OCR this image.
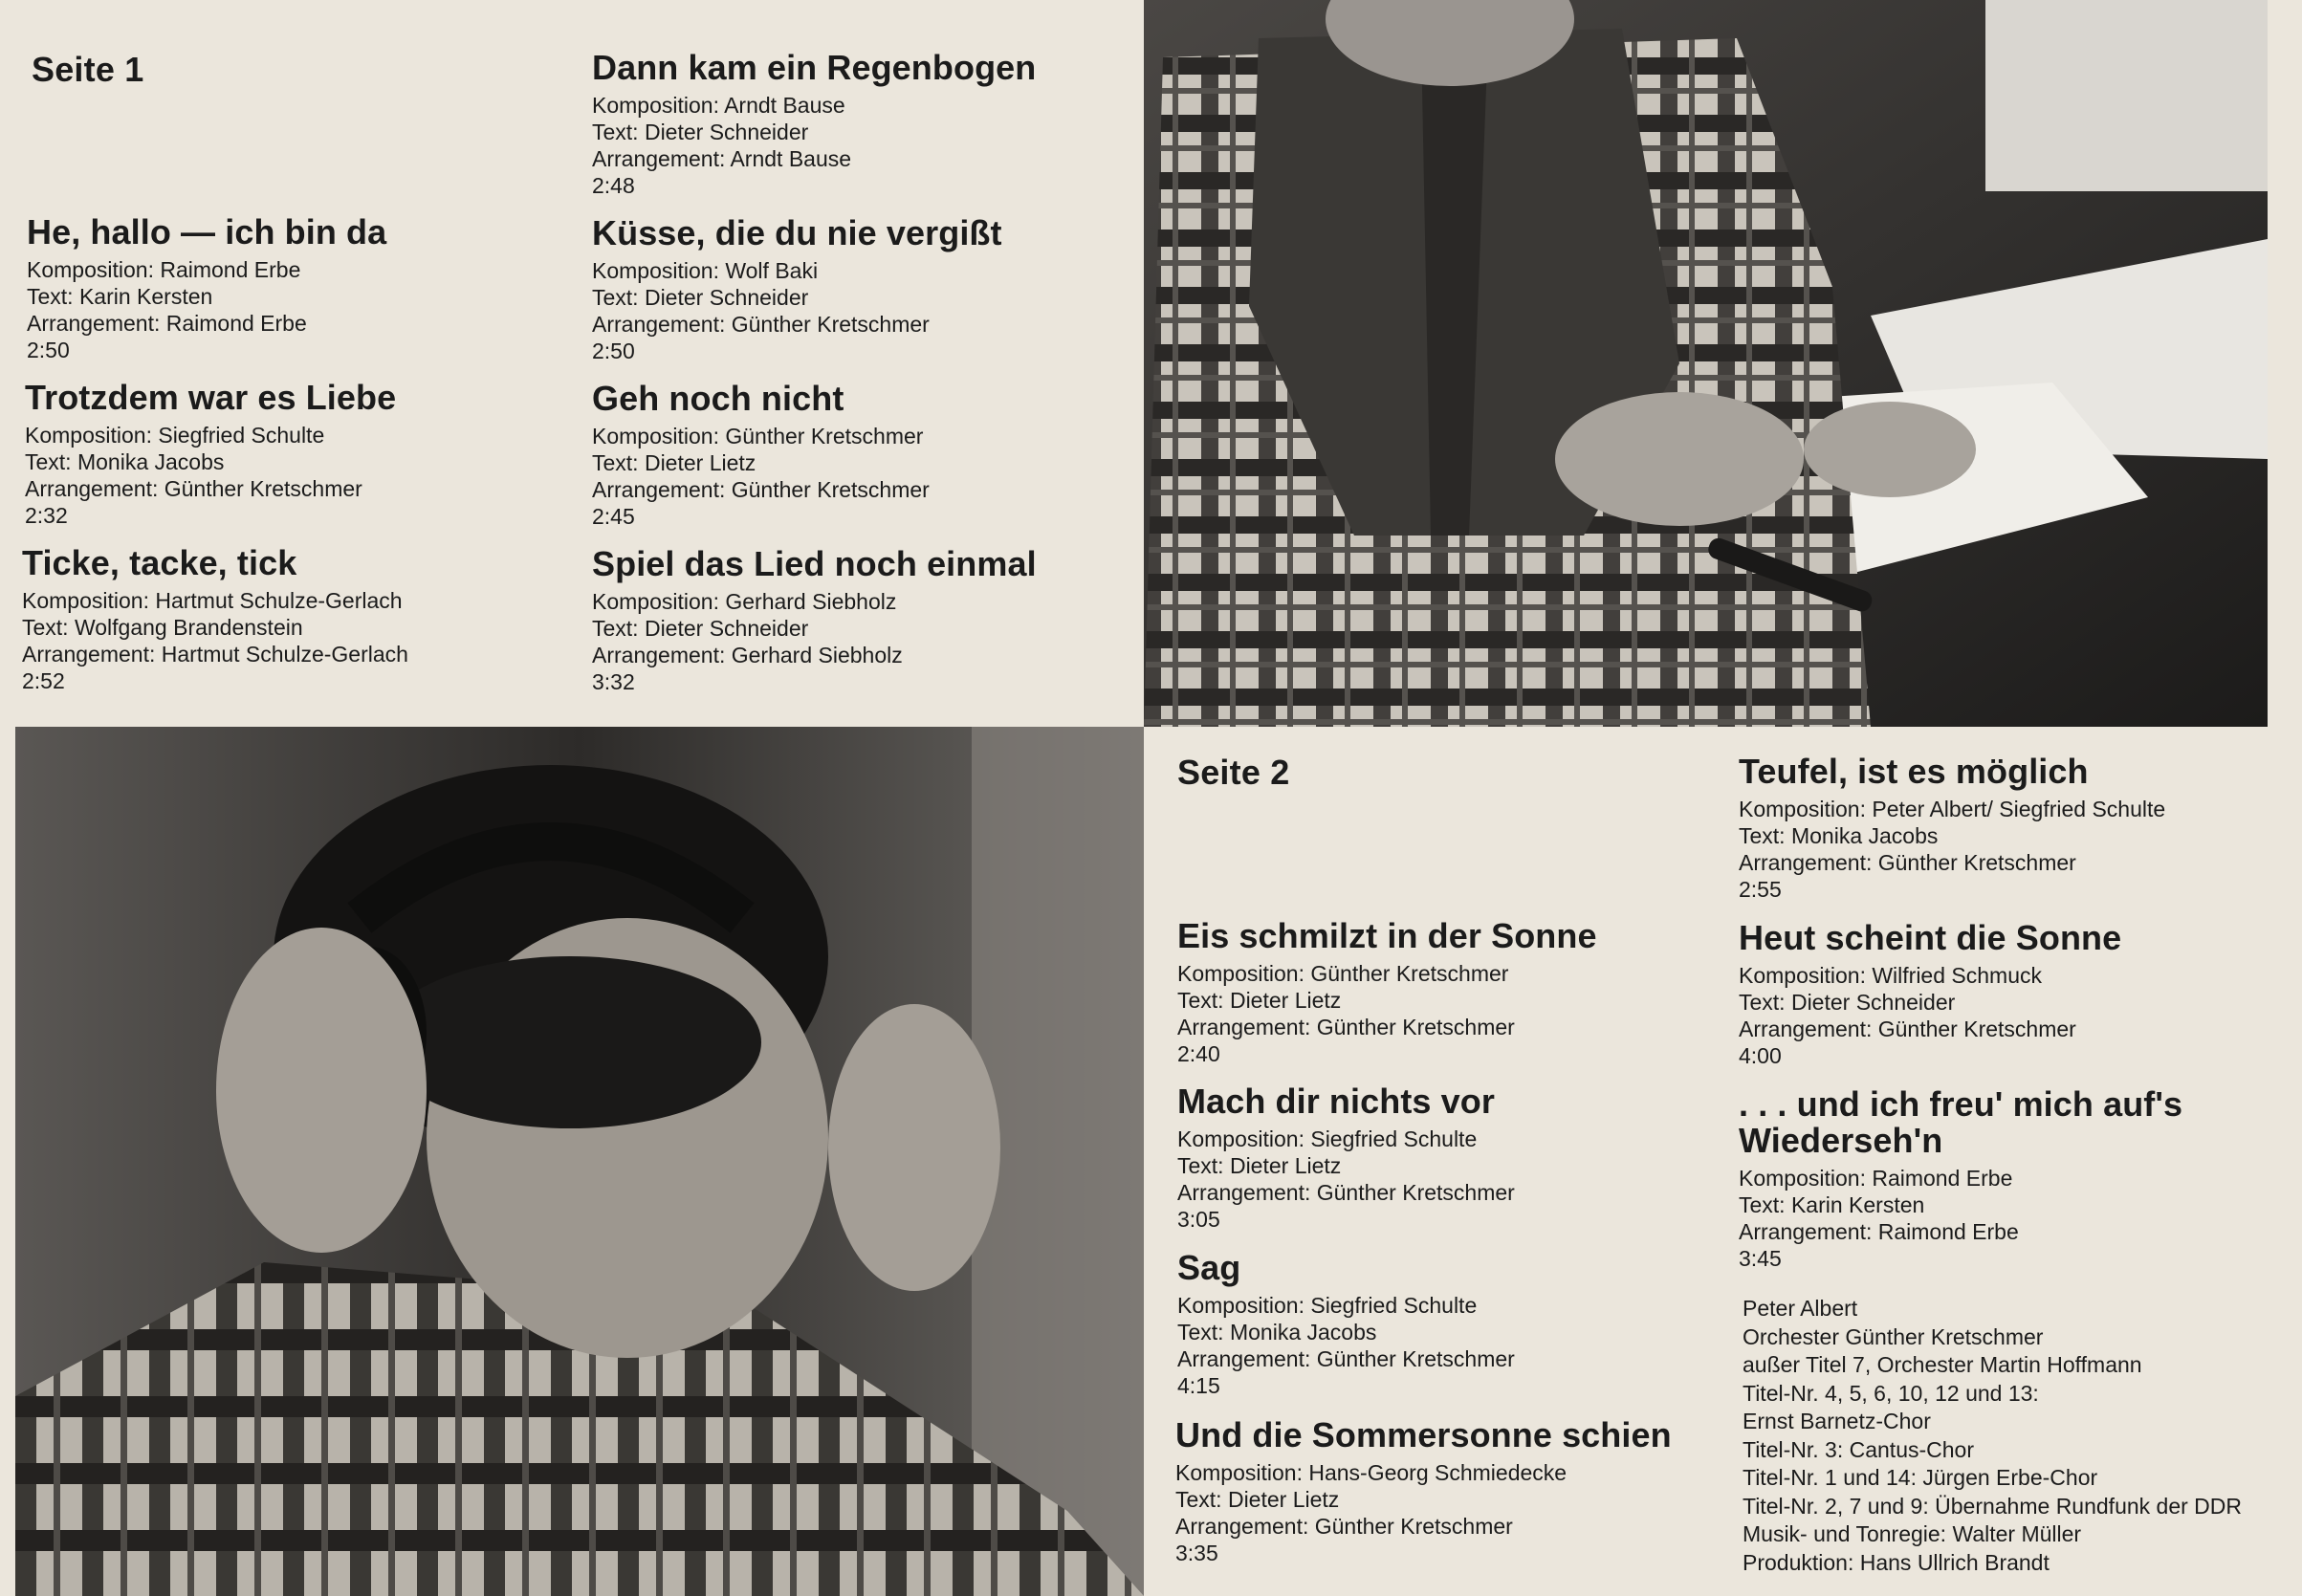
Seite 1
He, hallo — ich bin da
Komposition: Raimond Erbe
Text: Karin Kersten
Arrangement: Raimond Erbe
2:50
Trotzdem war es Liebe
Komposition: Siegfried Schulte
Text: Monika Jacobs
Arrangement: Günther Kretschmer
2:32
Ticke, tacke, tick
Komposition: Hartmut Schulze-Gerlach
Text: Wolfgang Brandenstein
Arrangement: Hartmut Schulze-Gerlach
2:52
Dann kam ein Regenbogen
Komposition: Arndt Bause
Text: Dieter Schneider
Arrangement: Arndt Bause
2:48
Küsse, die du nie vergißt
Komposition: Wolf Baki
Text: Dieter Schneider
Arrangement: Günther Kretschmer
2:50
Geh noch nicht
Komposition: Günther Kretschmer
Text: Dieter Lietz
Arrangement: Günther Kretschmer
2:45
Spiel das Lied noch einmal
Komposition: Gerhard Siebholz
Text: Dieter Schneider
Arrangement: Gerhard Siebholz
3:32
Seite 2
Eis schmilzt in der Sonne
Komposition: Günther Kretschmer
Text: Dieter Lietz
Arrangement: Günther Kretschmer
2:40
Mach dir nichts vor
Komposition: Siegfried Schulte
Text: Dieter Lietz
Arrangement: Günther Kretschmer
3:05
Sag
Komposition: Siegfried Schulte
Text: Monika Jacobs
Arrangement: Günther Kretschmer
4:15
Und die Sommersonne schien
Komposition: Hans-Georg Schmiedecke
Text: Dieter Lietz
Arrangement: Günther Kretschmer
3:35
Teufel, ist es möglich
Komposition: Peter Albert/ Siegfried Schulte
Text: Monika Jacobs
Arrangement: Günther Kretschmer
2:55
Heut scheint die Sonne
Komposition: Wilfried Schmuck
Text: Dieter Schneider
Arrangement: Günther Kretschmer
4:00
. . . und ich freu' mich auf's
Wiederseh'n
Komposition: Raimond Erbe
Text: Karin Kersten
Arrangement: Raimond Erbe
3:45
Peter Albert
Orchester Günther Kretschmer
außer Titel 7, Orchester Martin Hoffmann
Titel-Nr. 4, 5, 6, 10, 12 und 13:
Ernst Barnetz-Chor
Titel-Nr. 3: Cantus-Chor
Titel-Nr. 1 und 14: Jürgen Erbe-Chor
Titel-Nr. 2, 7 und 9: Übernahme Rundfunk der DDR
Musik- und Tonregie: Walter Müller
Produktion: Hans Ullrich Brandt
